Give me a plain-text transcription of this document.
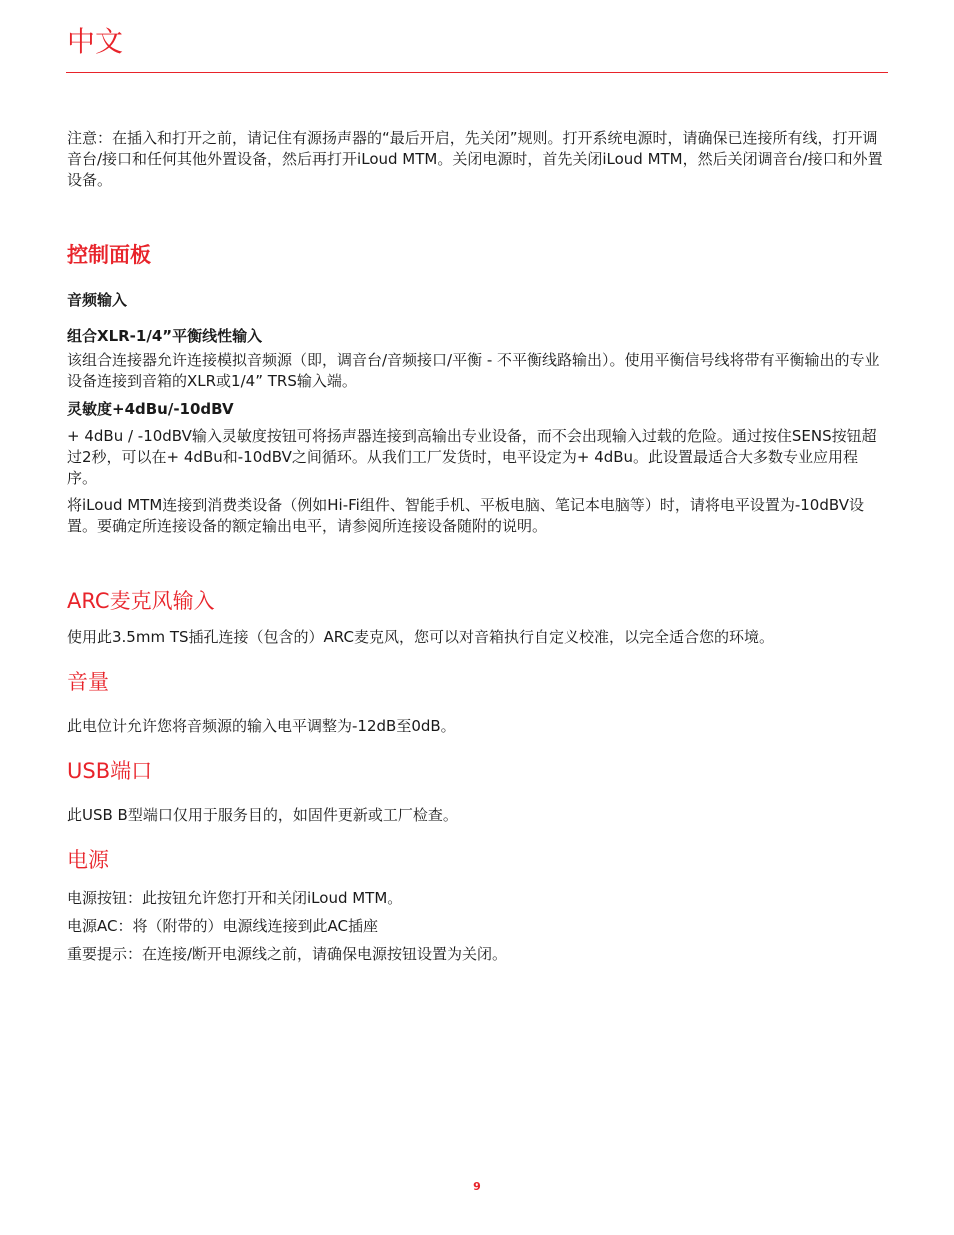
中文

注意：在插入和打开之前，请记住有源扬声器的“最后开启，先关闭”规则。打开系统电源时，请确保已连接所有线，打开调音台/接口和任何其他外置设备，然后再打开iLoud MTM。关闭电源时，首先关闭iLoud MTM，然后关闭调音台/接口和外置设备。

控制面板
音频输入
组合XLR-1/4”平衡线性输入

该组合连接器允许连接模拟音频源（即，调音台/音频接口/平衡 - 不平衡线路输出）。使用平衡信号线将带有平衡输出的专业设备连接到音箱的XLR或1/4” TRS输入端。

灵敏度+4dBu/-10dBV

+ 4dBu / -10dBV输入灵敏度按钮可将扬声器连接到高输出专业设备，而不会出现输入过载的危险。通过按住SENS按钮超过2秒，可以在+ 4dBu和-10dBV之间循环。从我们工厂发货时，电平设定为+ 4dBu。此设置最适合大多数专业应用程序。

将iLoud MTM连接到消费类设备（例如Hi-Fi组件、智能手机、平板电脑、笔记本电脑等）时，请将电平设置为-10dBV设置。要确定所连接设备的额定输出电平，请参阅所连接设备随附的说明。

ARC麦克风输入

使用此3.5mm TS插孔连接（包含的）ARC麦克风，您可以对音箱执行自定义校准，以完全适合您的环境。

音量

此电位计允许您将音频源的输入电平调整为-12dB至0dB。

USB端口

此USB B型端口仅用于服务目的，如固件更新或工厂检查。

电源

电源按钮：此按钮允许您打开和关闭iLoud MTM。

电源AC：将（附带的）电源线连接到此AC插座

重要提示：在连接/断开电源线之前，请确保电源按钮设置为关闭。

9
